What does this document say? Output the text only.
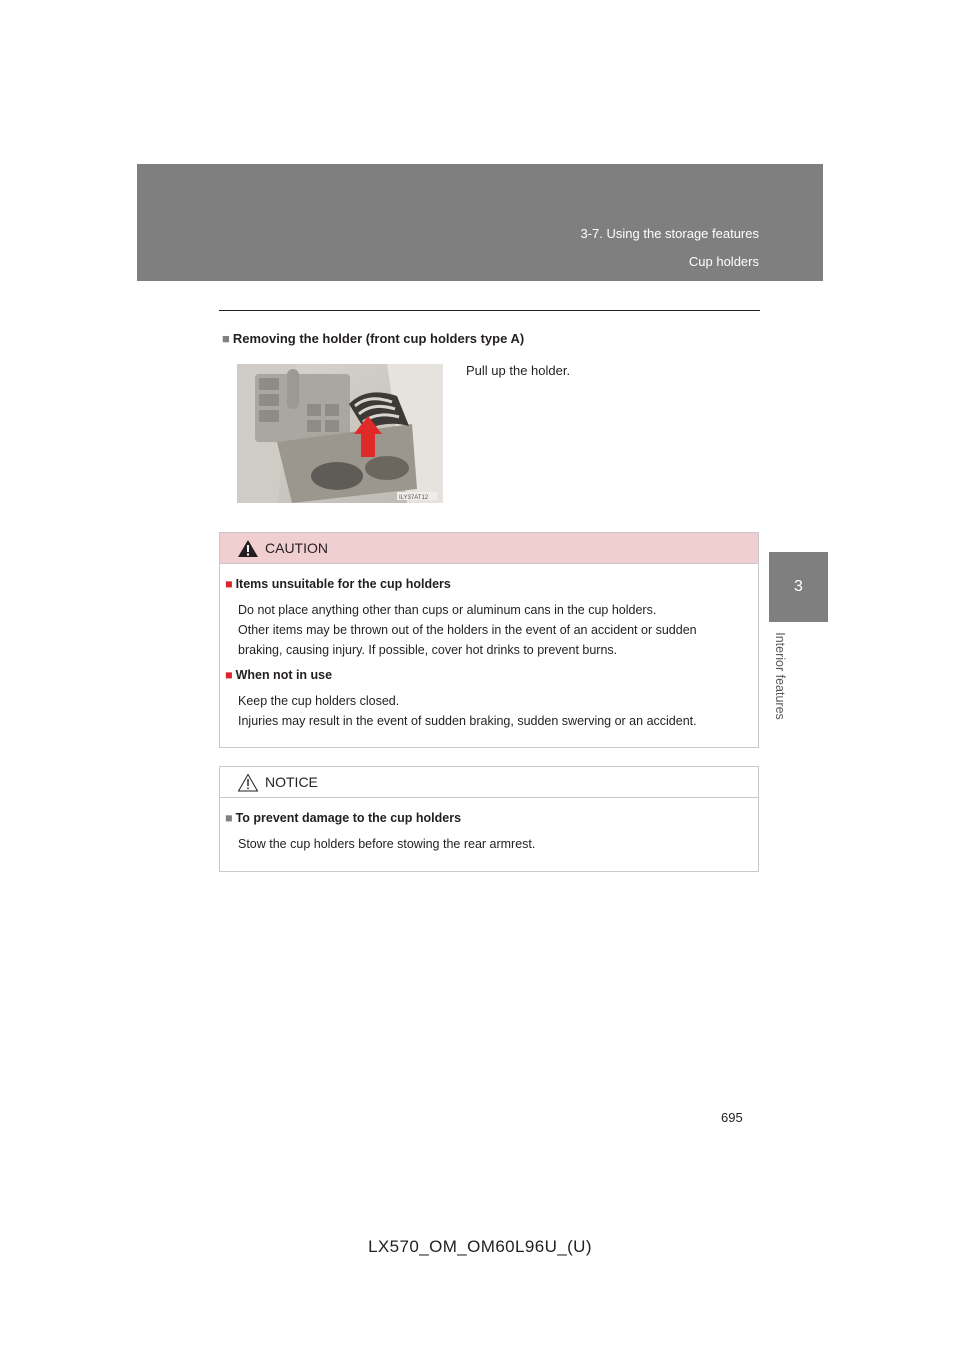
3-7. Using the storage features
Cup holders
3
Interior features
■ Removing the holder (front cup holders type A)
ILY37AT12
Pull up the holder.
CAUTION
■ Items unsuitable for the cup holders
Do not place anything other than cups or aluminum cans in the cup holders.
Other items may be thrown out of the holders in the event of an accident or sudden
braking, causing injury. If possible, cover hot drinks to prevent burns.
■ When not in use
Keep the cup holders closed.
Injuries may result in the event of sudden braking, sudden swerving or an accident.
NOTICE
■ To prevent damage to the cup holders
Stow the cup holders before stowing the rear armrest.
695
LX570_OM_OM60L96U_(U)
